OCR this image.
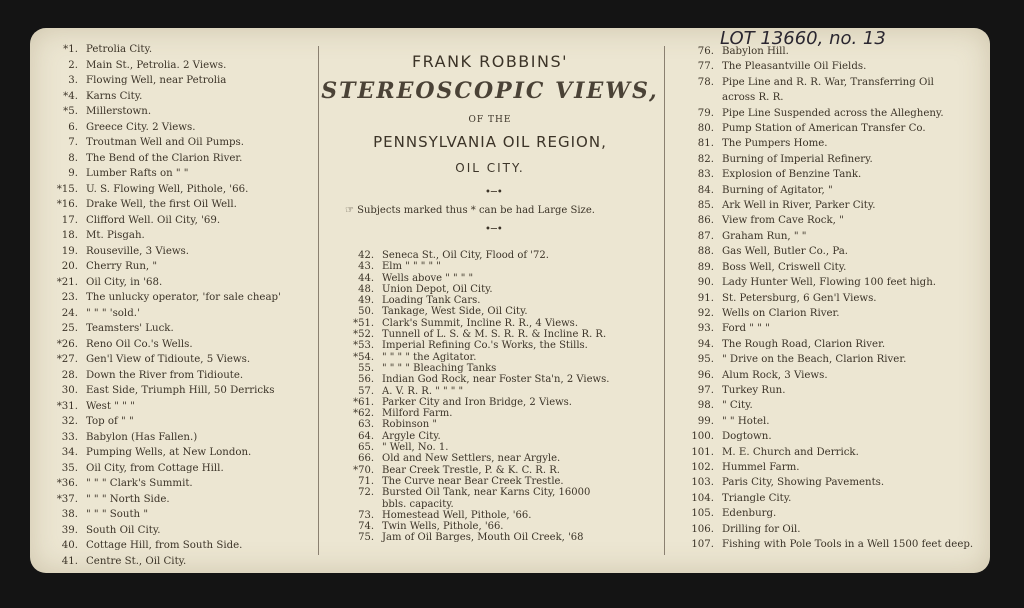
LOT 13660, no. 13
FRANK ROBBINS'
STEREOSCOPIC VIEWS,
OF THE
PENNSYLVANIA OIL REGION,
OIL CITY.
•─•
☞ Subjects marked thus * can be had Large Size.
•─•
*1. Petrolia City.
2. Main St., Petrolia. 2 Views.
3. Flowing Well, near Petrolia
*4. Karns City.
*5. Millerstown.
6. Greece City. 2 Views.
7. Troutman Well and Oil Pumps.
8. The Bend of the Clarion River.
9. Lumber Rafts on " "
*15. U. S. Flowing Well, Pithole, '66.
*16. Drake Well, the first Oil Well.
17. Clifford Well. Oil City, '69.
18. Mt. Pisgah.
19. Rouseville, 3 Views.
20. Cherry Run, "
*21. Oil City, in '68.
23. The unlucky operator, 'for sale cheap'
24. " " " 'sold.'
25. Teamsters' Luck.
*26. Reno Oil Co.'s Wells.
*27. Gen'l View of Tidioute, 5 Views.
28. Down the River from Tidioute.
30. East Side, Triumph Hill, 50 Derricks
*31. West " " "
32. Top of " "
33. Babylon (Has Fallen.)
34. Pumping Wells, at New London.
35. Oil City, from Cottage Hill.
*36. " " " Clark's Summit.
*37. " " " North Side.
38. " " " South "
39. South Oil City.
40. Cottage Hill, from South Side.
41. Centre St., Oil City.
42. Seneca St., Oil City, Flood of '72.
43. Elm " " " " "
44. Wells above " " " "
48. Union Depot, Oil City.
49. Loading Tank Cars.
50. Tankage, West Side, Oil City.
*51. Clark's Summit, Incline R. R., 4 Views.
*52. Tunnell of L. S. & M. S. R. R. & Incline R. R.
*53. Imperial Refining Co.'s Works, the Stills.
*54. " " " " the Agitator.
55. " " " " Bleaching Tanks
56. Indian God Rock, near Foster Sta'n, 2 Views.
57. A. V. R. R. " " " "
*61. Parker City and Iron Bridge, 2 Views.
*62. Milford Farm.
63. Robinson "
64. Argyle City.
65. " Well, No. 1.
66. Old and New Settlers, near Argyle.
*70. Bear Creek Trestle, P. & K. C. R. R.
71. The Curve near Bear Creek Trestle.
72. Bursted Oil Tank, near Karns City, 16000
bbls. capacity.
73. Homestead Well, Pithole, '66.
74. Twin Wells, Pithole, '66.
75. Jam of Oil Barges, Mouth Oil Creek, '68
76. Babylon Hill.
77. The Pleasantville Oil Fields.
78. Pipe Line and R. R. War, Transferring Oil
across R. R.
79. Pipe Line Suspended across the Allegheny.
80. Pump Station of American Transfer Co.
81. The Pumpers Home.
82. Burning of Imperial Refinery.
83. Explosion of Benzine Tank.
84. Burning of Agitator, "
85. Ark Well in River, Parker City.
86. View from Cave Rock, "
87. Graham Run, " "
88. Gas Well, Butler Co., Pa.
89. Boss Well, Criswell City.
90. Lady Hunter Well, Flowing 100 feet high.
91. St. Petersburg, 6 Gen'l Views.
92. Wells on Clarion River.
93. Ford " " "
94. The Rough Road, Clarion River.
95. " Drive on the Beach, Clarion River.
96. Alum Rock, 3 Views.
97. Turkey Run.
98. " City.
99. " " Hotel.
100. Dogtown.
101. M. E. Church and Derrick.
102. Hummel Farm.
103. Paris City, Showing Pavements.
104. Triangle City.
105. Edenburg.
106. Drilling for Oil.
107. Fishing with Pole Tools in a Well 1500 feet deep.
